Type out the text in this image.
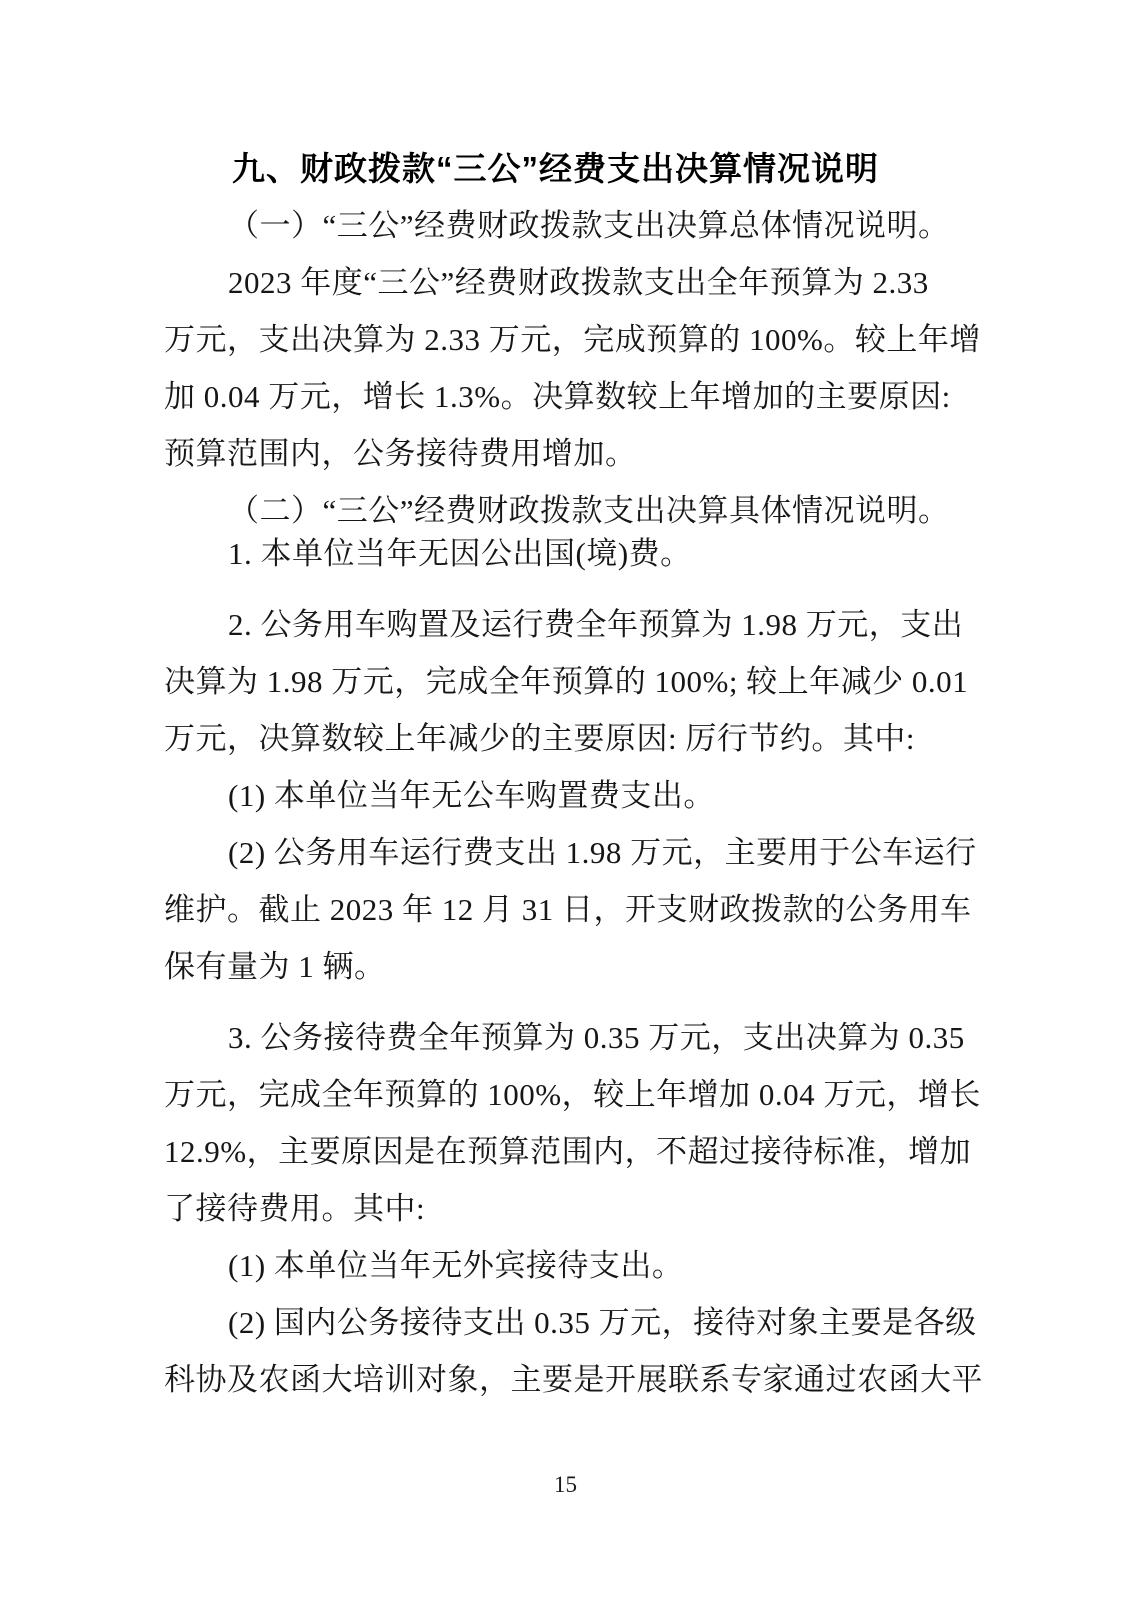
九、财政拨款“三公”经费支出决算情况说明
（一）“三公”经费财政拨款支出决算总体情况说明。
2023 年度“三公”经费财政拨款支出全年预算为 2.33
万元，支出决算为 2.33 万元，完成预算的 100%。较上年增
加 0.04 万元，增长 1.3%。决算数较上年增加的主要原因:
预算范围内，公务接待费用增加。
（二）“三公”经费财政拨款支出决算具体情况说明。
1. 本单位当年无因公出国(境)费。
2. 公务用车购置及运行费全年预算为 1.98 万元，支出
决算为 1.98 万元，完成全年预算的 100%; 较上年减少 0.01
万元，决算数较上年减少的主要原因: 厉行节约。其中:
(1) 本单位当年无公车购置费支出。
(2) 公务用车运行费支出 1.98 万元，主要用于公车运行
维护。截止 2023 年 12 月 31 日，开支财政拨款的公务用车
保有量为 1 辆。
3. 公务接待费全年预算为 0.35 万元，支出决算为 0.35
万元，完成全年预算的 100%，较上年增加 0.04 万元，增长
12.9%，主要原因是在预算范围内，不超过接待标准，增加
了接待费用。其中:
(1) 本单位当年无外宾接待支出。
(2) 国内公务接待支出 0.35 万元，接待对象主要是各级
科协及农函大培训对象，主要是开展联系专家通过农函大平
15
